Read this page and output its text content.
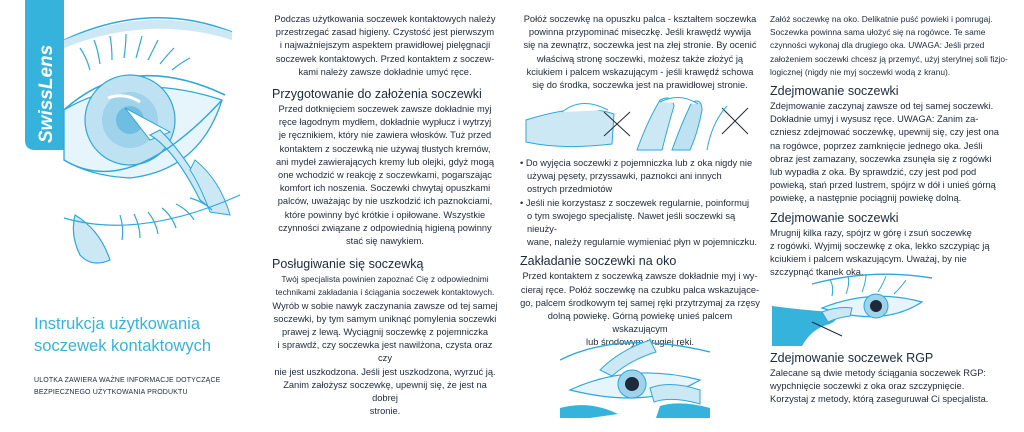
SwissLens
Instrukcja użytkowania
soczewek kontaktowych
ULOTKA ZAWIERA WAŻNE INFORMACJE DOTYCZĄCE
BEZPIECZNEGO UŻYTKOWANIA PRODUKTU

Podczas użytkowania soczewek kontaktowych należy

przestrzegać zasad higieny. Czystość jest pierwszym

i najważniejszym aspektem prawidłowej pielęgnacji

soczewek kontaktowych. Przed kontaktem z soczew-

kami należy zawsze dokładnie umyć ręce.

Przygotowanie do założenia soczewki

Przed dotknięciem soczewek zawsze dokładnie myj

ręce łagodnym mydłem, dokładnie wypłucz i wytrzyj

je ręcznikiem, który nie zawiera włosków. Tuż przed

kontaktem z soczewką nie używaj tłustych kremów,

ani mydeł zawierających kremy lub olejki, gdyż mogą

one wchodzić w reakcję z soczewkami, pogarszając

komfort ich noszenia. Soczewki chwytaj opuszkami

palców, uważając by nie uszkodzić ich paznokciami,

które powinny być krótkie i opiłowane. Wszystkie

czynności związane z odpowiednią higieną powinny

stać się nawykiem.

Posługiwanie się soczewką

Twój specjalista powinien zapoznać Cię z odpowiednimi

technikami zakładania i ściągania soczewek kontaktowych.

Wyrób w sobie nawyk zaczynania zawsze od tej samej

soczewki, by tym samym uniknąć pomylenia soczewki

prawej z lewą. Wyciągnij soczewkę z pojemniczka

i sprawdź, czy soczewka jest nawilżona, czysta oraz czy

nie jest uszkodzona. Jeśli jest uszkodzona, wyrzuć ją.

Zanim założysz soczewkę, upewnij się, że jest na dobrej

stronie.

Połóż soczewkę na opuszku palca - kształtem soczewka

powinna przypominać miseczkę. Jeśli krawędź wywija

się na zewnątrz, soczewka jest na złej stronie. By ocenić

właściwą stronę soczewki, możesz także złożyć ją

kciukiem i palcem wskazującym - jeśli krawędź schowa

się do środka, soczewka jest na prawidłowej stronie.

• Do wyjęcia soczewki z pojemniczka lub z oka nigdy nie

używaj pęsety, przyssawki, paznokci ani innych

ostrych przedmiotów

• Jeśli nie korzystasz z soczewek regularnie, poinformuj

o tym swojego specjalistę. Nawet jeśli soczewki są nieuży-

wane, należy regularnie wymieniać płyn w pojemniczku.

Zakładanie soczewki na oko

Przed kontaktem z soczewką zawsze dokładnie myj i wy-

cieraj ręce. Połóż soczewkę na czubku palca wskazujące-

go, palcem środkowym tej samej ręki przytrzymaj za rzęsy

dolną powiekę. Górną powiekę unieś palcem wskazującym

lub środowym drugiej ręki.

Załóż soczewkę na oko. Delikatnie puść powieki i pomrugaj.

Soczewka powinna sama ułożyć się na rogówce. Te same

czynności wykonaj dla drugiego oka. UWAGA: Jeśli przed

założeniem soczewki chcesz ją przemyć, użyj sterylnej soli fizjo-

logicznej (nigdy nie myj soczewki wodą z kranu).

Zdejmowanie soczewki

Zdejmowanie zaczynaj zawsze od tej samej soczewki.

Dokładnie umyj i wysusz ręce. UWAGA: Zanim za-

czniesz zdejmować soczewkę, upewnij się, czy jest ona

na rogówce, poprzez zamknięcie jednego oka. Jeśli

obraz jest zamazany, soczewka zsunęła się z rogówki

lub wypadła z oka. By sprawdzić, czy jest pod pod

powieką, stań przed lustrem, spójrz w dół i unieś górną

powiekę, a następnie pociągnij powiekę dolną.

Zdejmowanie soczewki

Mrugnij kilka razy, spójrz w górę i zsuń soczewkę

z rogówki. Wyjmij soczewkę z oka, lekko szczypiąc ją

kciukiem i palcem wskazującym. Uważaj, by nie

szczypnąć tkanek oka.

Zdejmowanie soczewek RGP

Zalecane są dwie metody ściągania soczewek RGP:

wypchnięcie soczewki z oka oraz szczypnięcie.

Korzystaj z metody, którą zaseguruwał Ci specjalista.
